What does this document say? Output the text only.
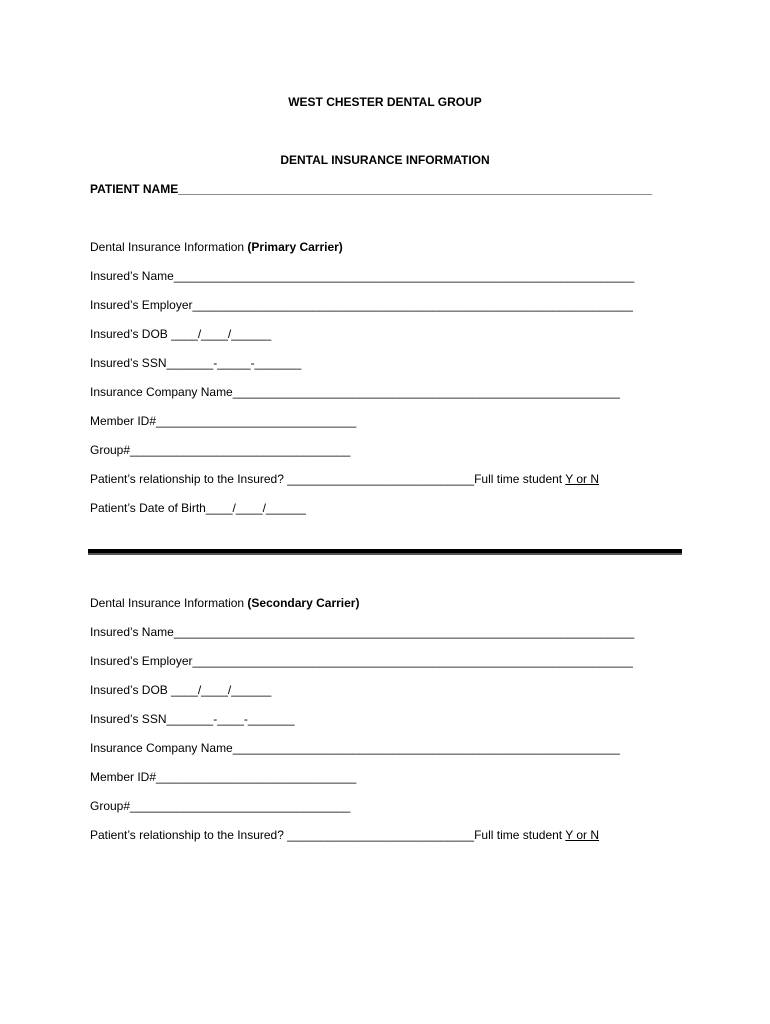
WEST CHESTER DENTAL GROUP
DENTAL INSURANCE INFORMATION
PATIENT NAME_______________________________________________________________________
Dental Insurance Information (Primary Carrier)
Insured’s Name_____________________________________________________________________
Insured’s Employer__________________________________________________________________
Insured’s DOB ____/____/______
Insured’s SSN_______-_____-_______
Insurance Company Name__________________________________________________________
Member ID#______________________________
Group#_________________________________
Patient’s relationship to the Insured? ____________________________Full time student Y or N
Patient’s Date of Birth____/____/______
Dental Insurance Information (Secondary Carrier)
Insured’s Name_____________________________________________________________________
Insured’s Employer__________________________________________________________________
Insured’s DOB ____/____/______
Insured’s SSN_______-____-_______
Insurance Company Name__________________________________________________________
Member ID#______________________________
Group#_________________________________
Patient’s relationship to the Insured? ____________________________Full time student Y or N
